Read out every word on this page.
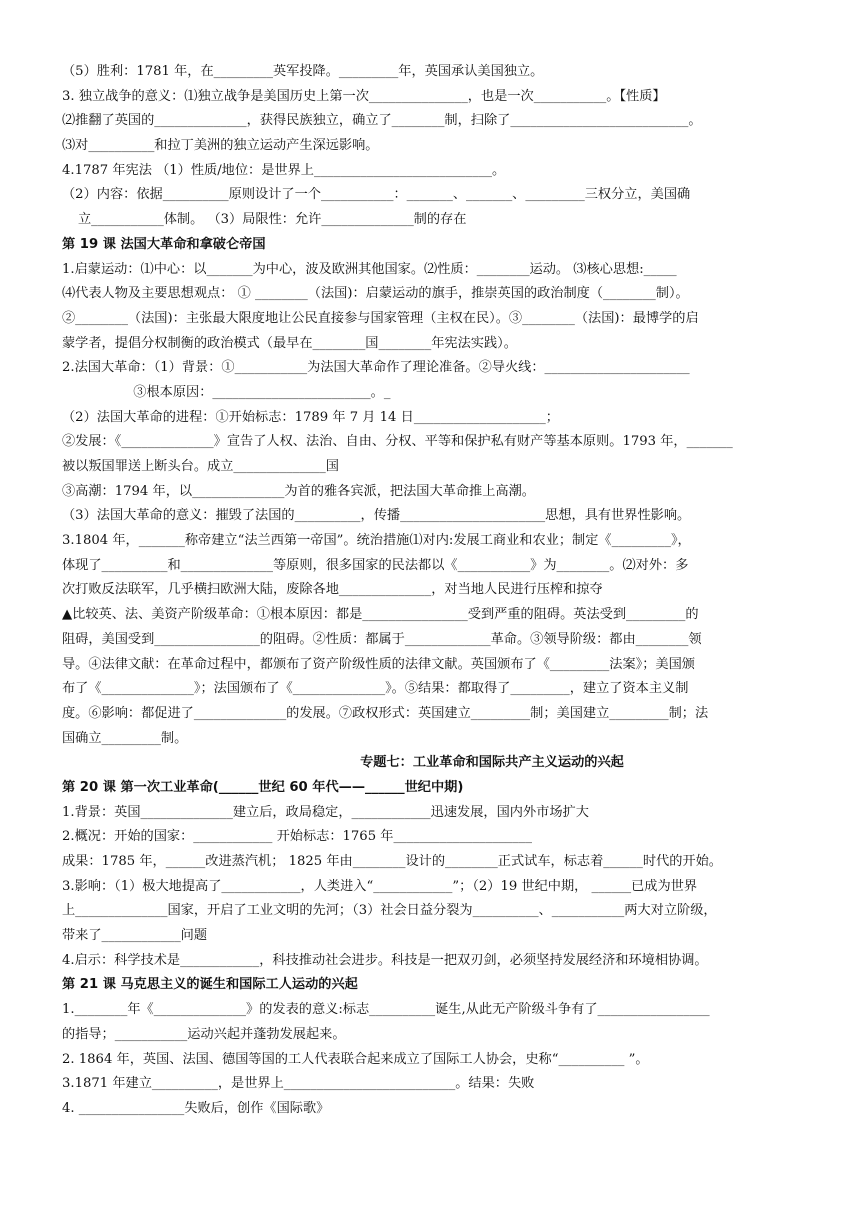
（5）胜利：1781 年，在_________英军投降。_________年，英国承认美国独立。
3. 独立战争的意义：⑴独立战争是美国历史上第一次_______________，也是一次___________。【性质】
⑵推翻了英国的______________，获得民族独立，确立了________制，扫除了___________________________。
⑶对__________和拉丁美洲的独立运动产生深远影响。
4.1787 年宪法 （1）性质/地位：是世界上___________________________。
（2）内容：依据__________原则设计了一个___________：_______、_______、_________三权分立，美国确
立___________体制。 （3）局限性：允许______________制的存在
第 19 课 法国大革命和拿破仑帝国
1.启蒙运动：⑴中心：以_______为中心，波及欧洲其他国家。⑵性质：________运动。 ⑶核心思想:_____
⑷代表人物及主要思想观点： ① ________（法国)：启蒙运动的旗手，推崇英国的政治制度（________制）。
②________（法国)：主张最大限度地让公民直接参与国家管理（主权在民）。③________（法国)：最博学的启
蒙学者，提倡分权制衡的政治模式（最早在________国________年宪法实践）。
2.法国大革命：（1）背景：①___________为法国大革命作了理论准备。②导火线：______________________
③根本原因：________________________。_
（2）法国大革命的进程：①开始标志：1789 年 7 月 14 日____________________；
②发展：《______________》宣告了人权、法治、自由、分权、平等和保护私有财产等基本原则。1793 年，_______
被以叛国罪送上断头台。成立______________国
③高潮：1794 年，以______________为首的雅各宾派，把法国大革命推上高潮。
（3）法国大革命的意义：摧毁了法国的__________，传播______________________思想，具有世界性影响。
3.1804 年，_______称帝建立“法兰西第一帝国”。统治措施⑴对内:发展工商业和农业；制定《_________》，
体现了__________和______________等原则，很多国家的民法都以《___________》为________。⑵对外：多
次打败反法联军，几乎横扫欧洲大陆，废除各地______________，对当地人民进行压榨和掠夺
▲比较英、法、美资产阶级革命：①根本原因：都是________________受到严重的阻碍。英法受到_________的
阻碍，美国受到________________的阻碍。②性质：都属于_____________革命。③领导阶级：都由________领
导。④法律文献：在革命过程中，都颁布了资产阶级性质的法律文献。英国颁布了《_________法案》；美国颁
布了《______________》；法国颁布了《______________》。⑤结果：都取得了_________，建立了资本主义制
度。⑥影响：都促进了______________的发展。⑦政权形式：英国建立_________制；美国建立_________制；法
国确立_________制。
专题七：工业革命和国际共产主义运动的兴起
第 20 课 第一次工业革命(______世纪 60 年代——______世纪中期)
1.背景：英国______________建立后，政局稳定，____________迅速发展，国内外市场扩大
2.概况：开始的国家：____________ 开始标志：1765 年_____________________
成果：1785 年，______改进蒸汽机； 1825 年由________设计的________正式试车，标志着______时代的开始。
3.影响：（1）极大地提高了____________，人类进入“____________”；（2）19 世纪中期， ______已成为世界
上______________国家，开启了工业文明的先河；（3）社会日益分裂为__________、___________两大对立阶级，
带来了____________问题
4.启示：科学技术是____________，科技推动社会进步。科技是一把双刃剑，必须坚持发展经济和环境相协调。
第 21 课 马克思主义的诞生和国际工人运动的兴起
1.________年《______________》的发表的意义:标志__________诞生,从此无产阶级斗争有了_________________
的指导；___________运动兴起并蓬勃发展起来。
2. 1864 年，英国、法国、德国等国的工人代表联合起来成立了国际工人协会，史称“__________ ”。
3.1871 年建立__________，是世界上__________________________。结果：失败
4. ________________失败后，创作《国际歌》
